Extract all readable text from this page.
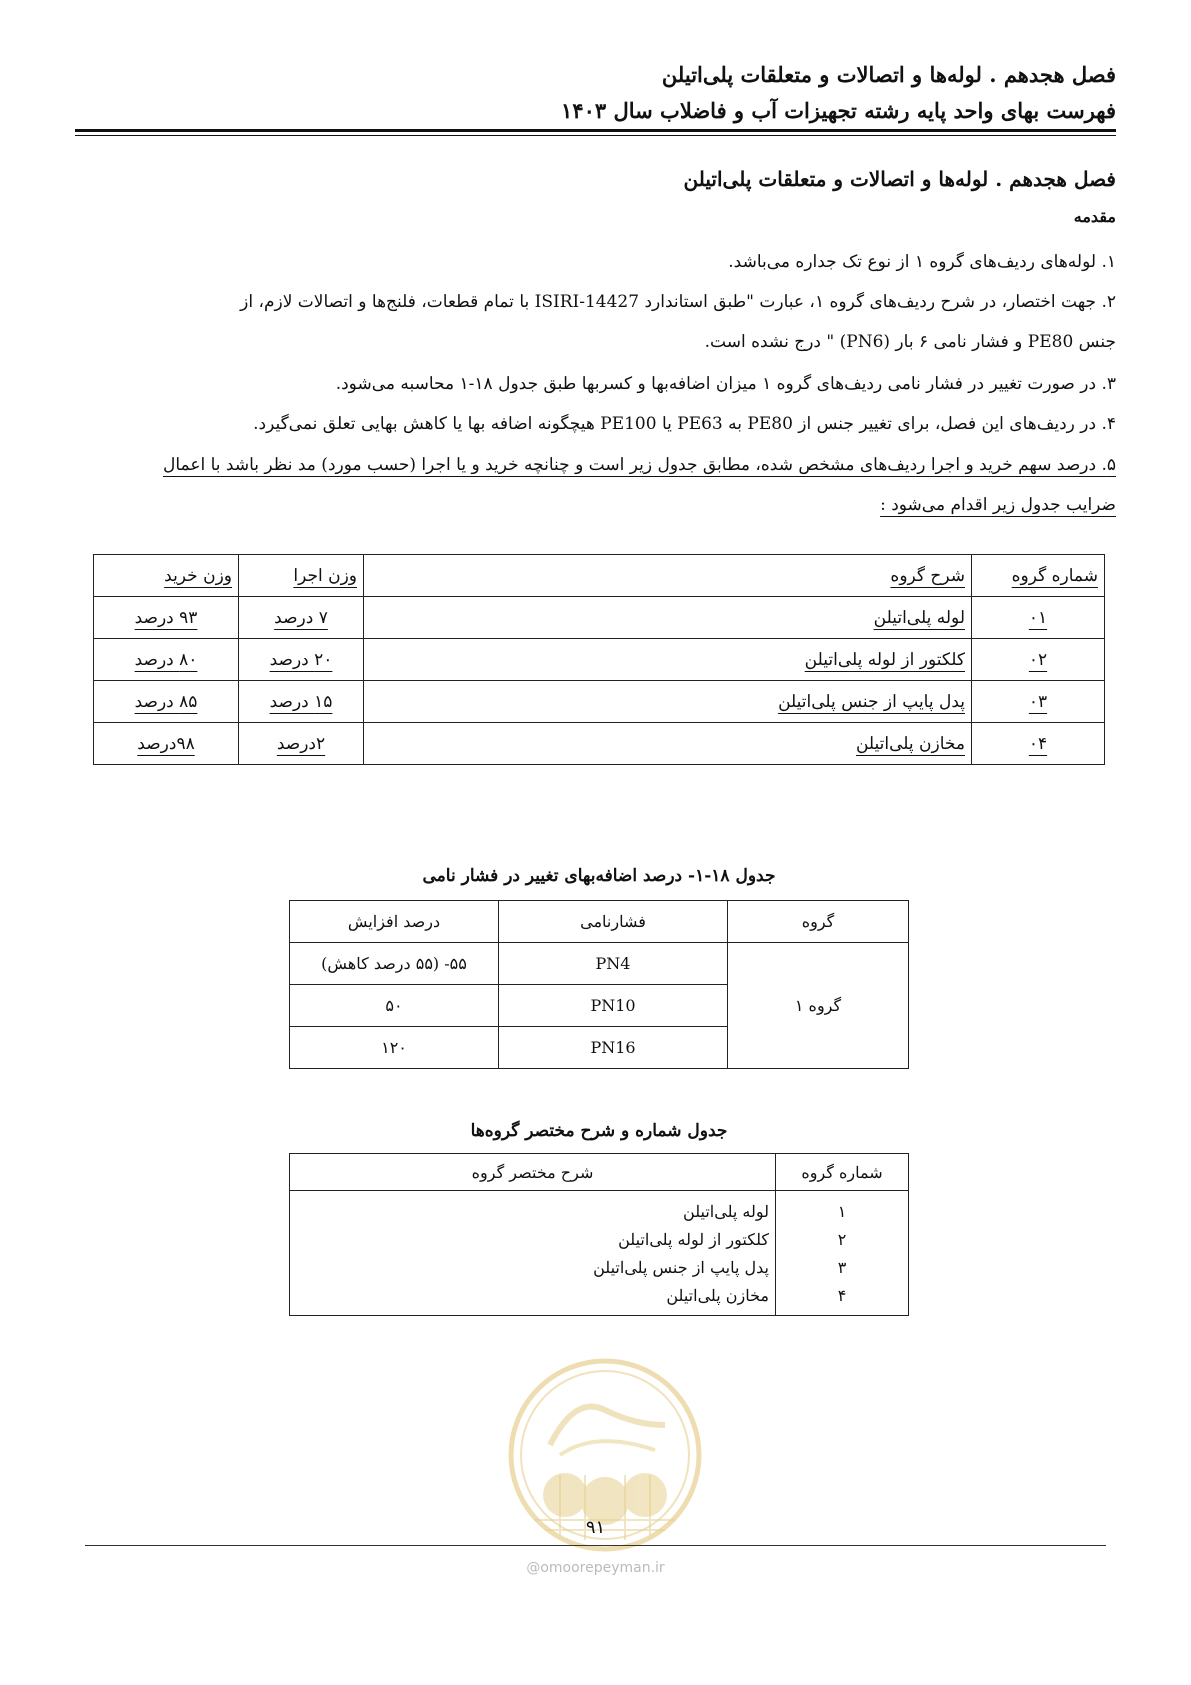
فصل هجدهم . لوله‌ها و اتصالات و متعلقات پلی‌اتیلن
فهرست بهای واحد پایه رشته تجهیزات آب و فاضلاب سال ۱۴۰۳
فصل هجدهم . لوله‌ها و اتصالات و متعلقات پلی‌اتیلن
مقدمه
۱. لوله‌های ردیف‌های گروه ۱ از نوع تک جداره می‌باشد.
۲. جهت اختصار، در شرح ردیف‌های گروه ۱، عبارت "طبق استاندارد ISIRI-14427 با تمام قطعات، فلنج‌ها و اتصالات لازم، از
جنس PE80 و فشار نامی ۶ بار (PN6) " درج نشده است.
۳. در صورت تغییر در فشار نامی ردیف‌های گروه ۱ میزان اضافه‌بها و کسربها طبق جدول ۱۸-۱ محاسبه می‌شود.
۴. در ردیف‌های این فصل، برای تغییر جنس از PE80 به PE63 یا PE100 هیچگونه اضافه بها یا کاهش بهایی تعلق نمی‌گیرد.
۵. درصد سهم خرید و اجرا ردیف‌های مشخص شده، مطابق جدول زیر است و چنانچه خرید و یا اجرا (حسب مورد) مد نظر باشد با اعمال
ضرایب جدول زیر اقدام می‌شود :
شماره گروه	شرح گروه	وزن اجرا	وزن خرید
۰۱	لوله پلی‌اتیلن	۷ درصد	۹۳ درصد
۰۲	کلکتور از لوله پلی‌اتیلن	۲۰ درصد	۸۰ درصد
۰۳	پدل پایپ از جنس پلی‌اتیلن	۱۵ درصد	۸۵ درصد
۰۴	مخازن پلی‌اتیلن	۲درصد	۹۸درصد
جدول ۱۸-۱- درصد اضافه‌بهای تغییر در فشار نامی
گروه	فشارنامی	درصد افزایش
گروه ۱	PN4	۵۵- (۵۵ درصد کاهش)
	PN10	۵۰
	PN16	۱۲۰
جدول شماره و شرح مختصر گروه‌ها
شماره گروه	شرح مختصر گروه
۱	لوله پلی‌اتیلن
۲	کلکتور از لوله پلی‌اتیلن
۳	پدل پایپ از جنس پلی‌اتیلن
۴	مخازن پلی‌اتیلن
۹۱
@omoorepeyman.ir
